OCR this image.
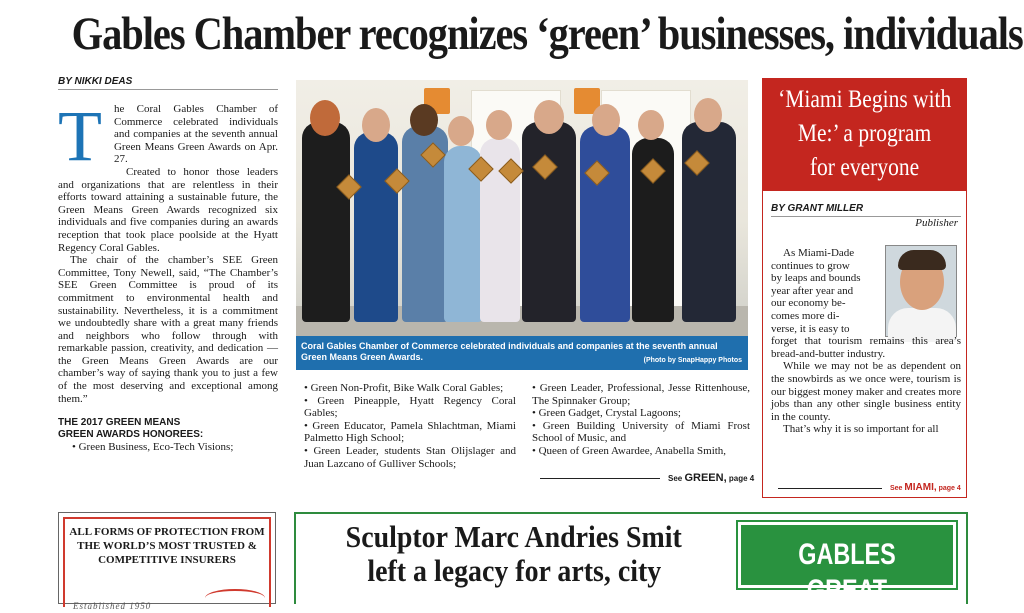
Gables Chamber recognizes ‘green’ businesses, individuals
BY NIKKI DEAS
T	he Coral Gables Chamber of Commerce celebrated individuals and companies at the seventh annual Green Means Green Awards on Apr. 27.

Created to honor those leaders and organizations that are relentless in their efforts toward attaining a sustainable future, the Green Means Green Awards recognized six individuals and five companies during an awards reception that took place poolside at the Hyatt Regency Coral Gables.

The chair of the chamber’s SEE Green Committee, Tony Newell, said, “The Chamber’s SEE Green Committee is proud of its commitment to environmental health and sustainability. Nevertheless, it is a commitment we undoubtedly share with a great many friends and neighbors who follow through with remarkable passion, creativity, and dedication — the Green Means Green Awards are our chamber’s way of saying thank you to just a few of the most deserving and exceptional among them.”

THE 2017 GREEN MEANS
GREEN AWARDS HONOREES:
• Green Business, Eco-Tech Visions;
Coral Gables Chamber of Commerce celebrated individuals and companies at the seventh annual Green Means Green Awards.	(Photo by SnapHappy Photos
• Green Non-Profit, Bike Walk Coral Gables;
• Green Pineapple, Hyatt Regency Coral Gables;
• Green Educator, Pamela Shlachtman, Miami Palmetto High School;
• Green Leader, students Stan Olijslager and Juan Lazcano of Gulliver Schools;
• Green Leader, Professional, Jesse Rittenhouse, The Spinnaker Group;
• Green Gadget, Crystal Lagoons;
• Green Building University of Miami Frost School of Music, and
• Queen of Green Awardee, Anabella Smith,
See GREEN, page 4
‘Miami Begins with
Me:’ a program
for everyone
BY GRANT MILLER
Publisher
As Miami-Dade
continues to grow
by leaps and bounds
year after year and
our economy be-
comes more di-
verse, it is easy to

forget that tourism remains this area’s bread-and-butter industry.

While we may not be as dependent on the snowbirds as we once were, tourism is our biggest money maker and creates more jobs than any other single business entity in the county.

That’s why it is so important for all

See MIAMI, page 4
ALL FORMS OF PROTECTION FROM
THE WORLD’S MOST TRUSTED &
COMPETITIVE INSURERS
Established 1950
Sculptor Marc Andries Smit
left a legacy for arts, city	GABLES GREAT
